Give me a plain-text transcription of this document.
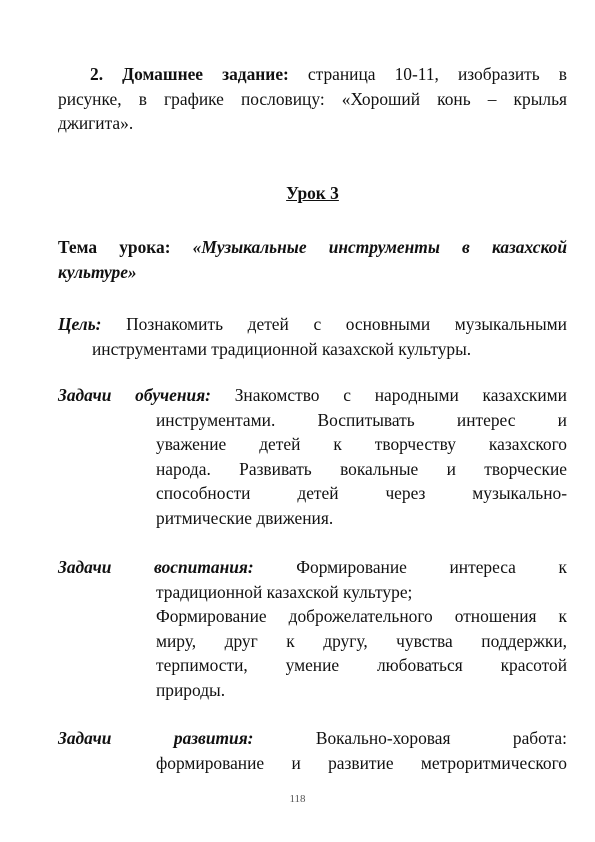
2. Домашнее задание: страница 10-11, изобразить в
рисунке, в графике пословицу: «Хороший конь – крылья
джигита».
Урок 3
Тема урока: «Музыкальные инструменты в казахской
культуре»
Цель: Познакомить детей с основными музыкальными
инструментами традиционной казахской культуры.
Задачи обучения: Знакомство с народными казахскими
инструментами. Воспитывать интерес и
уважение детей к творчеству казахского
народа. Развивать вокальные и творческие
способности детей через музыкально-
ритмические движения.
Задачи воспитания: Формирование интереса к
традиционной казахской культуре;
Формирование доброжелательного отношения к
миру, друг к другу, чувства поддержки,
терпимости, умение любоваться красотой
природы.
Задачи	развития:	Вокально-хоровая работа:
формирование и развитие метроритмического
118
